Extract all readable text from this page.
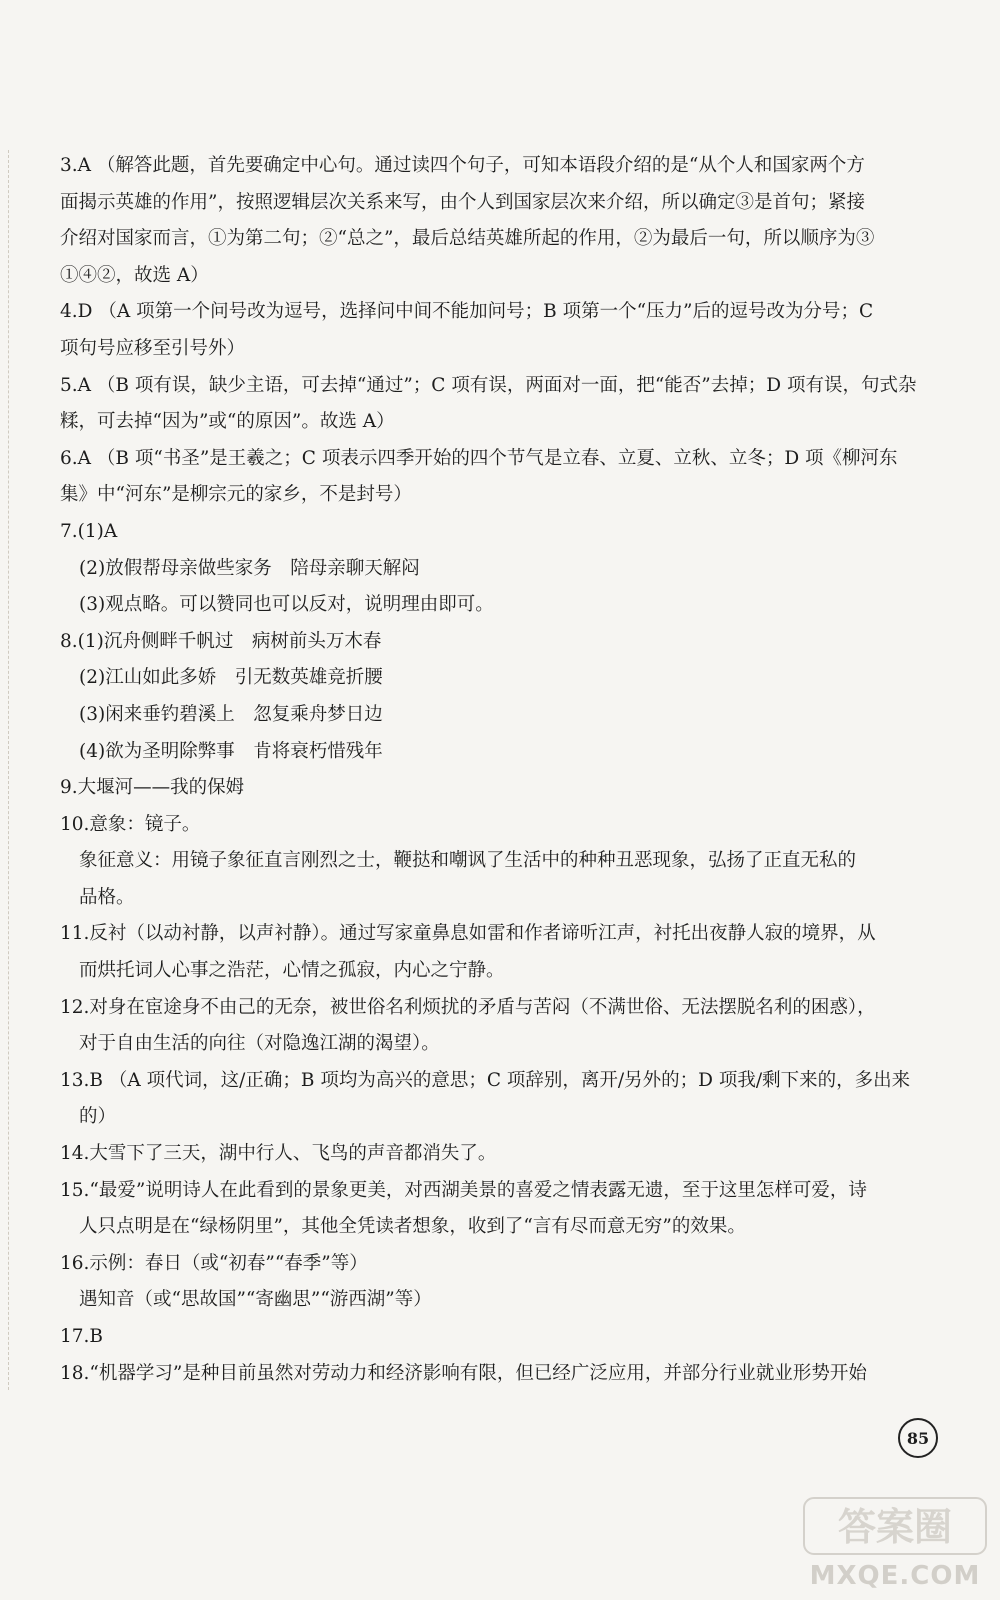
3.A （解答此题，首先要确定中心句。通过读四个句子，可知本语段介绍的是“从个人和国家两个方
面揭示英雄的作用”，按照逻辑层次关系来写，由个人到国家层次来介绍，所以确定③是首句；紧接
介绍对国家而言，①为第二句；②“总之”，最后总结英雄所起的作用，②为最后一句，所以顺序为③
①④②，故选 A）
4.D （A 项第一个问号改为逗号，选择问中间不能加问号；B 项第一个“压力”后的逗号改为分号；C
项句号应移至引号外）
5.A （B 项有误，缺少主语，可去掉“通过”；C 项有误，两面对一面，把“能否”去掉；D 项有误，句式杂
糅，可去掉“因为”或“的原因”。故选 A）
6.A （B 项“书圣”是王羲之；C 项表示四季开始的四个节气是立春、立夏、立秋、立冬；D 项《柳河东
集》中“河东”是柳宗元的家乡，不是封号）
7.(1)A
(2)放假帮母亲做些家务　陪母亲聊天解闷
(3)观点略。可以赞同也可以反对，说明理由即可。
8.(1)沉舟侧畔千帆过　病树前头万木春
(2)江山如此多娇　引无数英雄竞折腰
(3)闲来垂钓碧溪上　忽复乘舟梦日边
(4)欲为圣明除弊事　肯将衰朽惜残年
9.大堰河——我的保姆
10.意象：镜子。
象征意义：用镜子象征直言刚烈之士，鞭挞和嘲讽了生活中的种种丑恶现象，弘扬了正直无私的
品格。
11.反衬（以动衬静，以声衬静）。通过写家童鼻息如雷和作者谛听江声，衬托出夜静人寂的境界，从
而烘托词人心事之浩茫，心情之孤寂，内心之宁静。
12.对身在宦途身不由己的无奈，被世俗名利烦扰的矛盾与苦闷（不满世俗、无法摆脱名利的困惑），
对于自由生活的向往（对隐逸江湖的渴望）。
13.B （A 项代词，这/正确；B 项均为高兴的意思；C 项辞别，离开/另外的；D 项我/剩下来的，多出来
的）
14.大雪下了三天，湖中行人、飞鸟的声音都消失了。
15.“最爱”说明诗人在此看到的景象更美，对西湖美景的喜爱之情表露无遗，至于这里怎样可爱，诗
人只点明是在“绿杨阴里”，其他全凭读者想象，收到了“言有尽而意无穷”的效果。
16.示例：春日（或“初春”“春季”等）
遇知音（或“思故国”“寄幽思”“游西湖”等）
17.B
18.“机器学习”是种目前虽然对劳动力和经济影响有限，但已经广泛应用，并部分行业就业形势开始
85
答案圈
MXQE.COM
